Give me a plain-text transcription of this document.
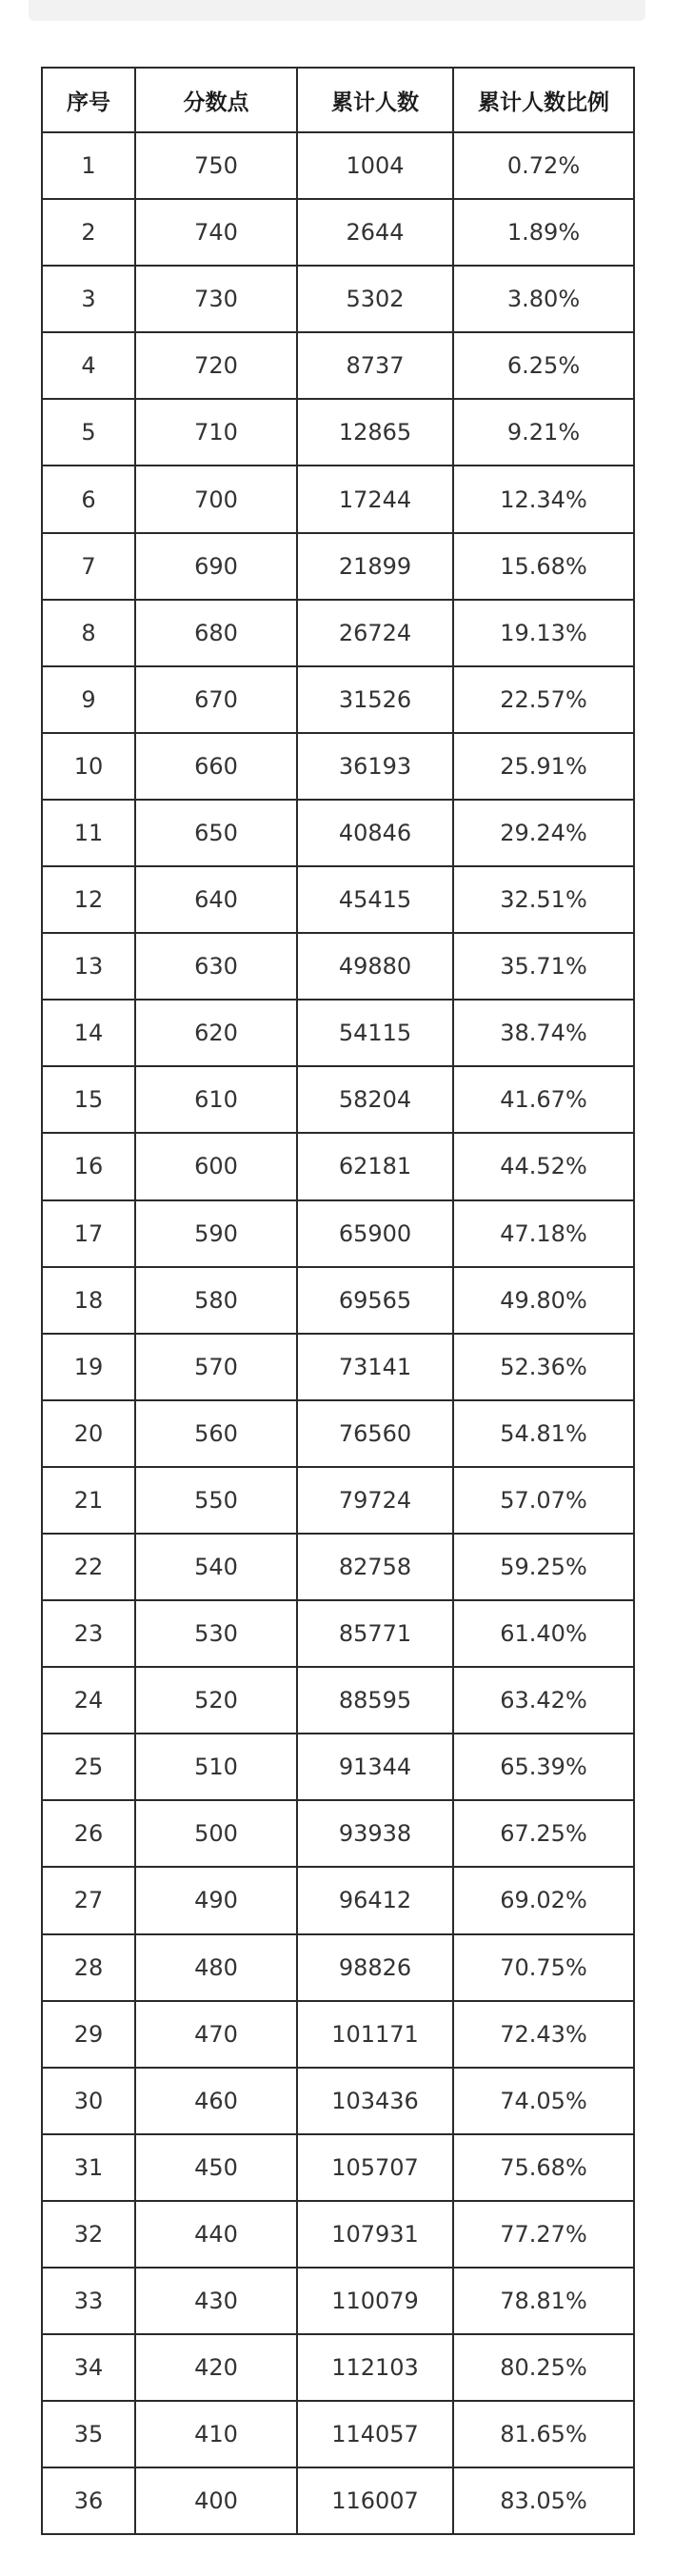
序号	分数点	累计人数	累计人数比例
1	750	1004	0.72%
2	740	2644	1.89%
3	730	5302	3.80%
4	720	8737	6.25%
5	710	12865	9.21%
6	700	17244	12.34%
7	690	21899	15.68%
8	680	26724	19.13%
9	670	31526	22.57%
10	660	36193	25.91%
11	650	40846	29.24%
12	640	45415	32.51%
13	630	49880	35.71%
14	620	54115	38.74%
15	610	58204	41.67%
16	600	62181	44.52%
17	590	65900	47.18%
18	580	69565	49.80%
19	570	73141	52.36%
20	560	76560	54.81%
21	550	79724	57.07%
22	540	82758	59.25%
23	530	85771	61.40%
24	520	88595	63.42%
25	510	91344	65.39%
26	500	93938	67.25%
27	490	96412	69.02%
28	480	98826	70.75%
29	470	101171	72.43%
30	460	103436	74.05%
31	450	105707	75.68%
32	440	107931	77.27%
33	430	110079	78.81%
34	420	112103	80.25%
35	410	114057	81.65%
36	400	116007	83.05%
